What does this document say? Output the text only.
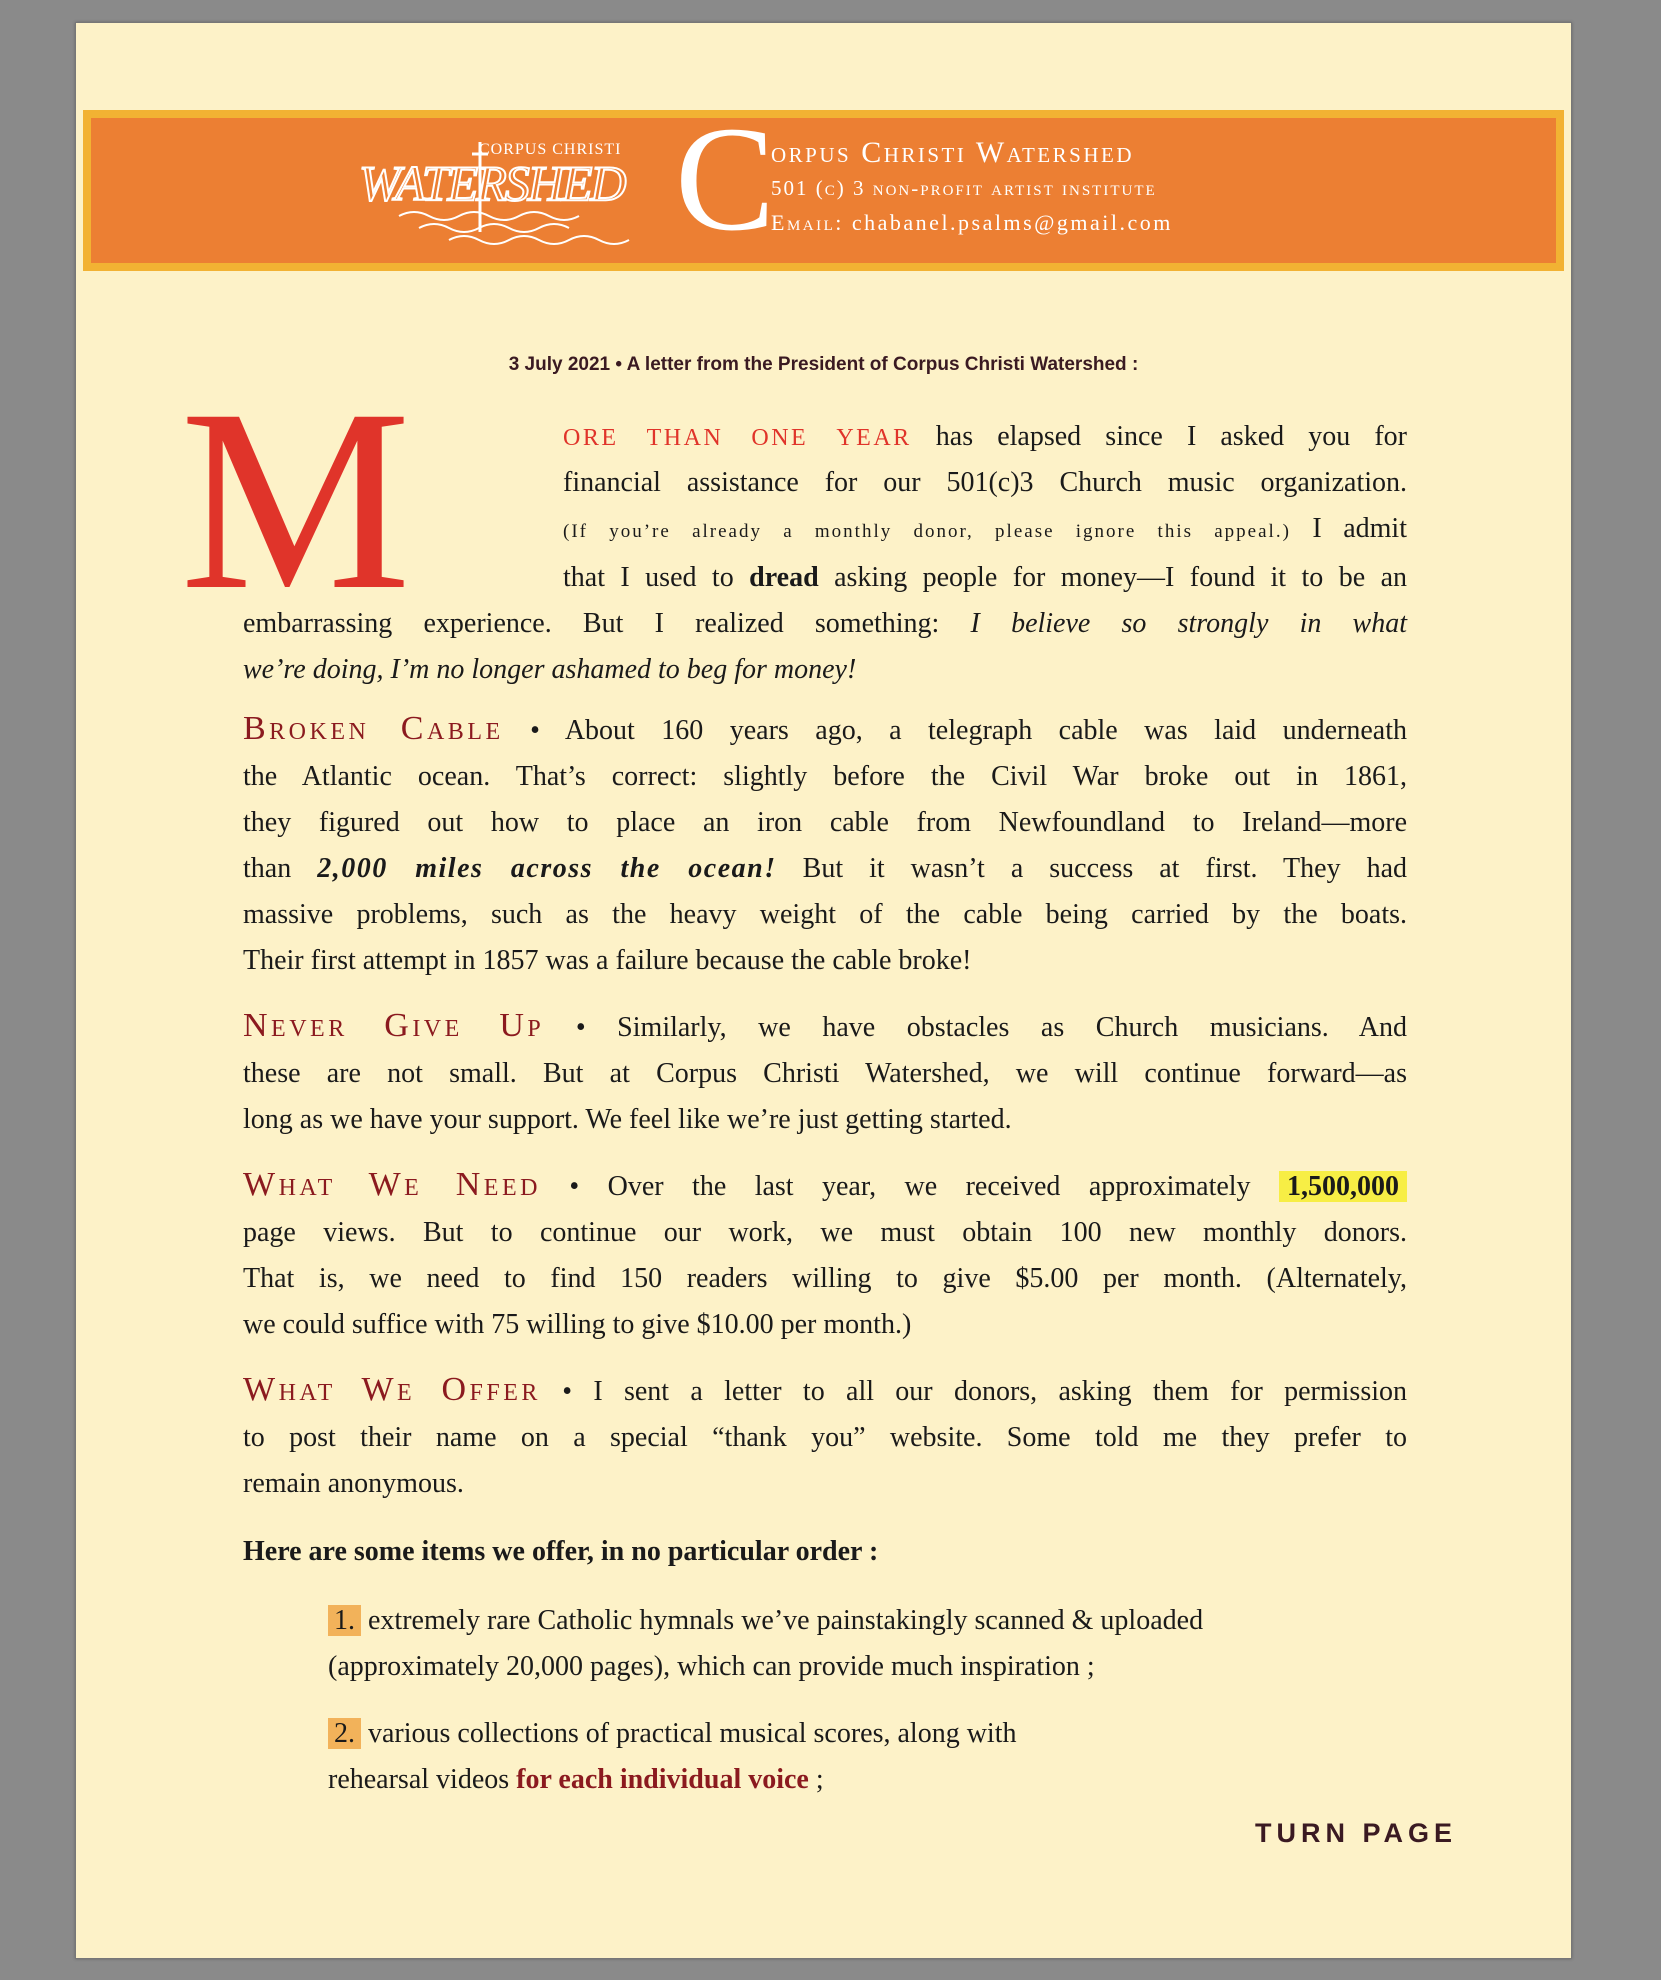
CORPUS CHRISTI
WATERSHED C
orpus Christi Watershed
501 (c) 3 non-profit artist institute
Email: chabanel.psalms@gmail.com
3 July 2021 • A letter from the President of Corpus Christi Watershed :
M	ore than one year has elapsed since I asked you for
financial assistance for our 501(c)3 Church music organization.
(If you’re already a monthly donor, please ignore this appeal.) I admit
that I used to dread asking people for money—I found it to be an
embarrassing experience. But I realized something: I believe so strongly in what
we’re doing, I’m no longer ashamed to beg for money!
Broken Cable • About 160 years ago, a telegraph cable was laid underneath
the Atlantic ocean. That’s correct: slightly before the Civil War broke out in 1861,
they figured out how to place an iron cable from Newfoundland to Ireland—more
than 2,000 miles across the ocean! But it wasn’t a success at first. They had
massive problems, such as the heavy weight of the cable being carried by the boats.
Their first attempt in 1857 was a failure because the cable broke!
Never Give Up • Similarly, we have obstacles as Church musicians. And
these are not small. But at Corpus Christi Watershed, we will continue forward—as
long as we have your support. We feel like we’re just getting started.
What We Need • Over the last year, we received approximately 1,500,000
page views. But to continue our work, we must obtain 100 new monthly donors.
That is, we need to find 150 readers willing to give $5.00 per month. (Alternately,
we could suffice with 75 willing to give $10.00 per month.)
What We Offer • I sent a letter to all our donors, asking them for permission
to post their name on a special “thank you” website. Some told me they prefer to
remain anonymous.
Here are some items we offer, in no particular order :
1. extremely rare Catholic hymnals we’ve painstakingly scanned & uploaded
(approximately 20,000 pages), which can provide much inspiration ;
2. various collections of practical musical scores, along with
rehearsal videos for each individual voice ;
TURN PAGE
